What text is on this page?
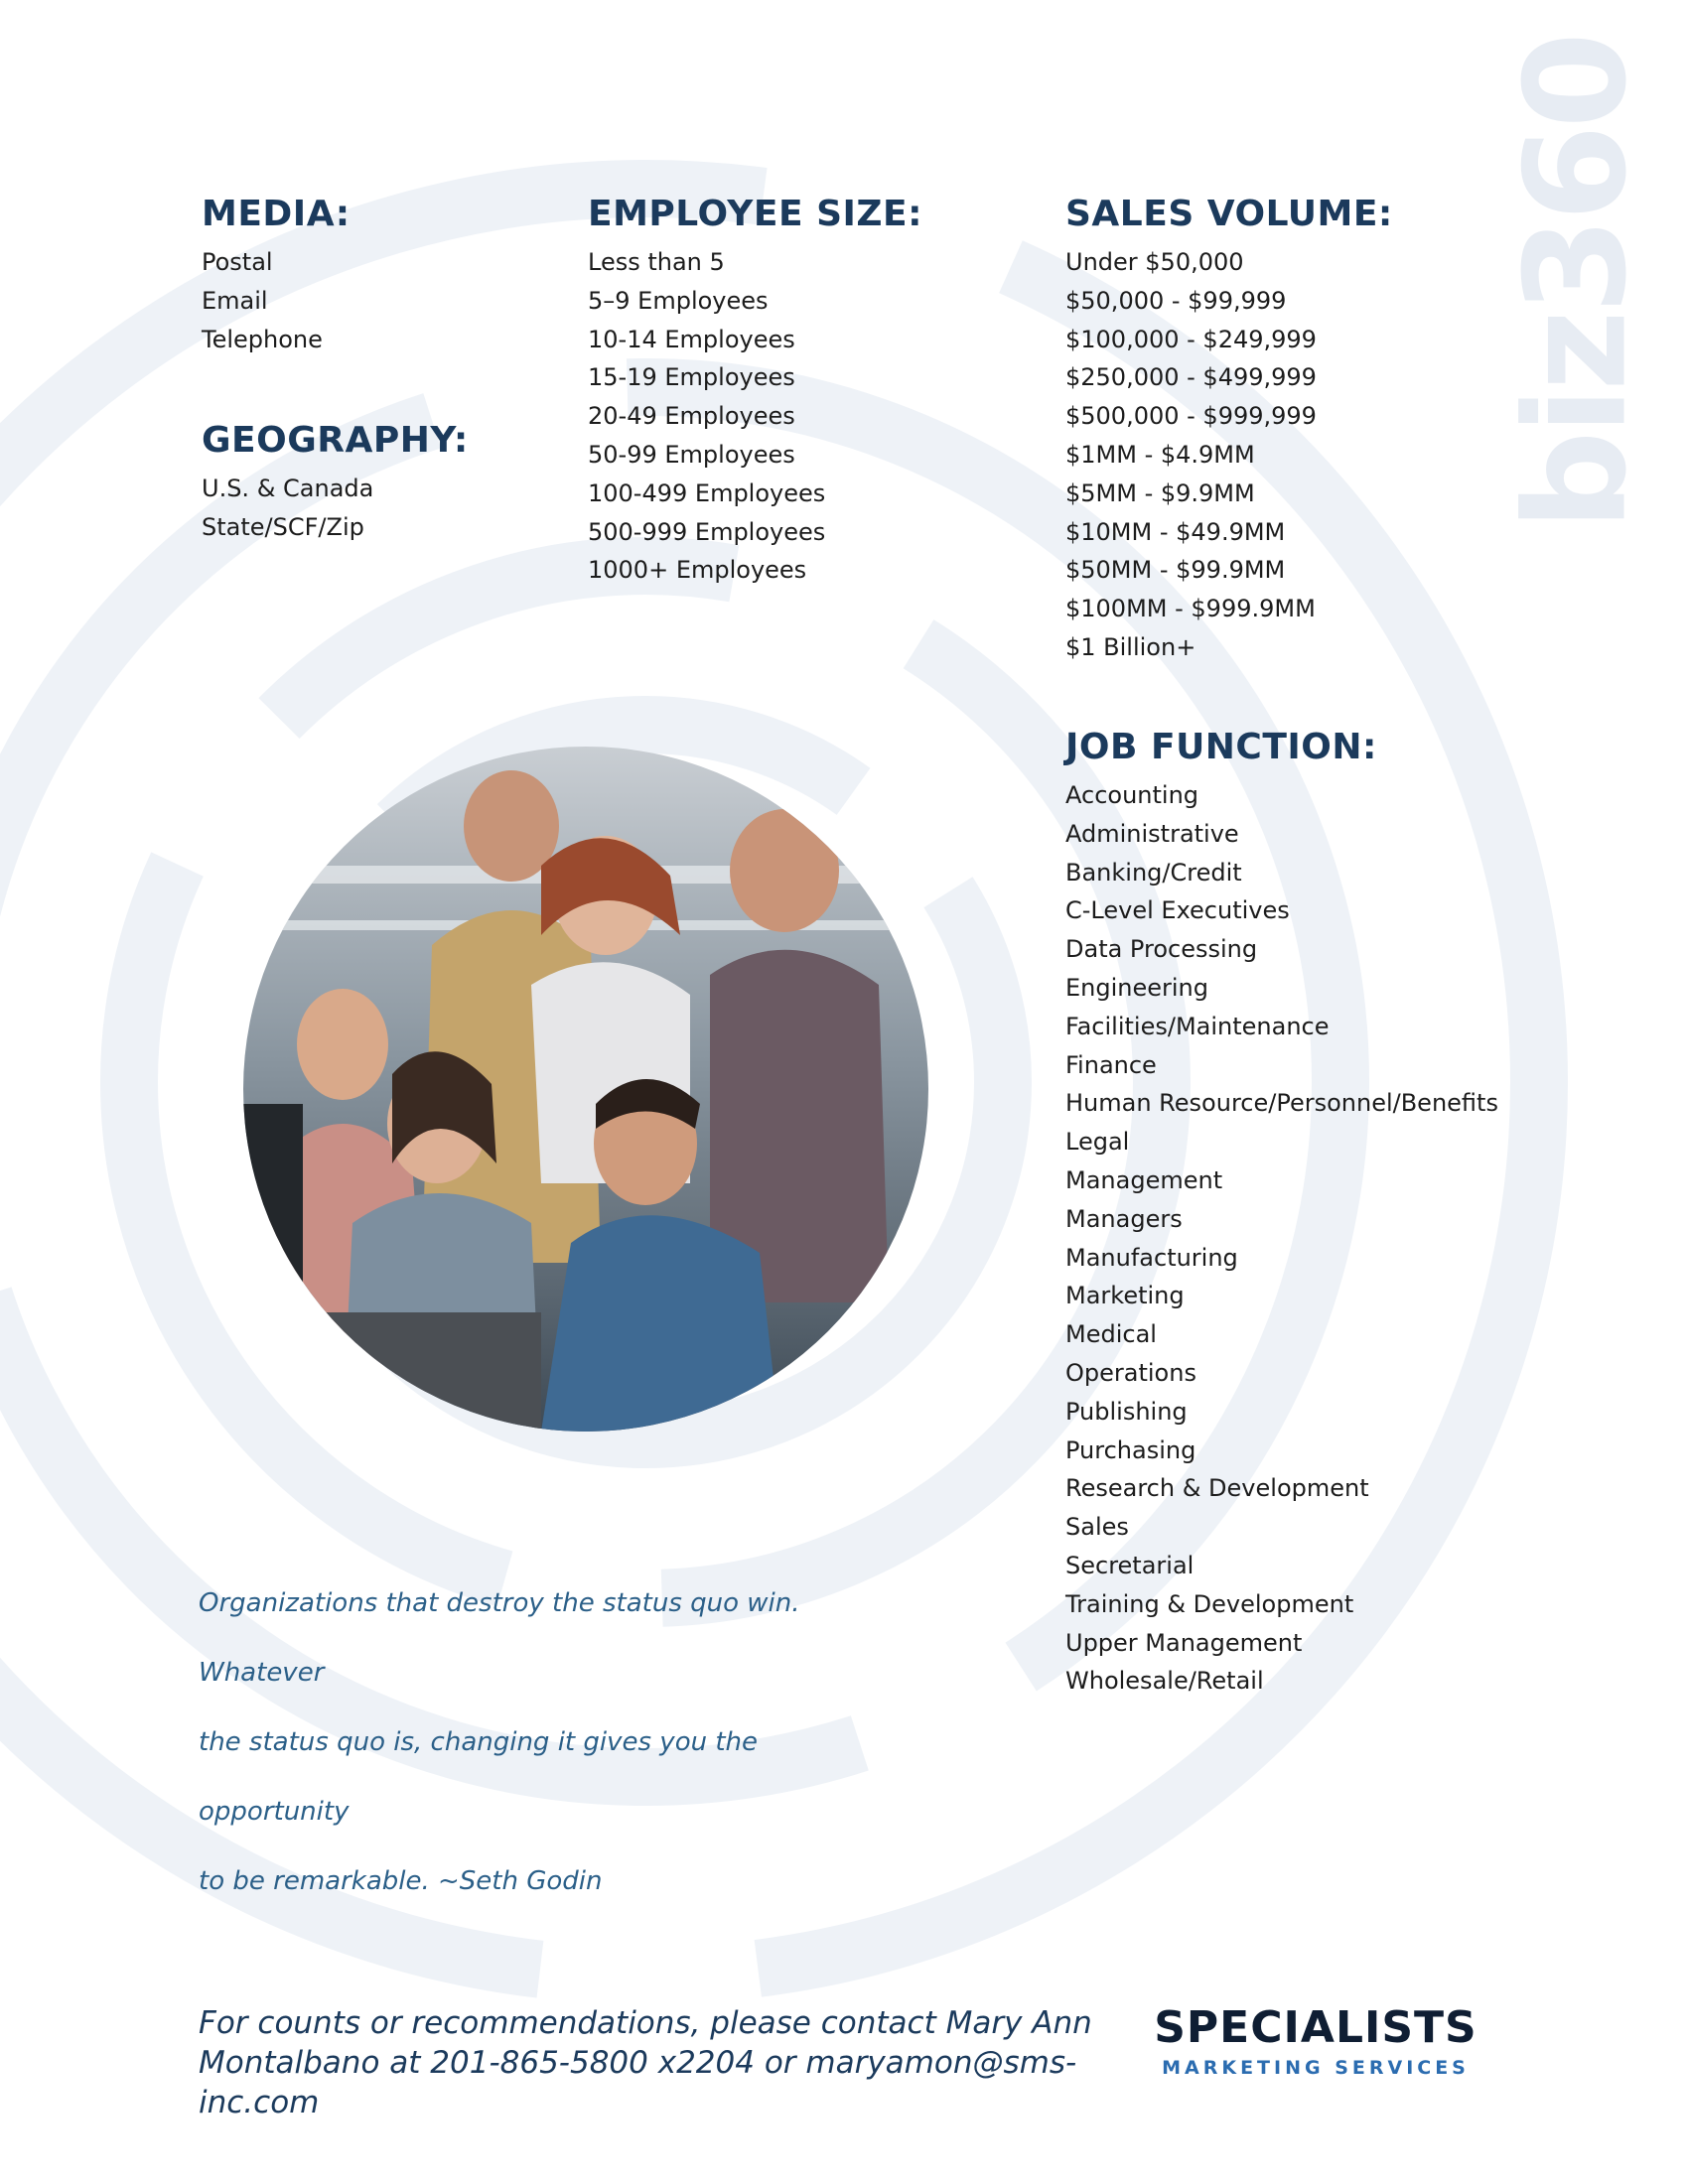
biz360
MEDIA:
Postal
Email
Telephone
GEOGRAPHY:
U.S. & Canada
State/SCF/Zip
EMPLOYEE SIZE:
Less than 5
5–9 Employees
10-14 Employees
15-19 Employees
20-49 Employees
50-99 Employees
100-499 Employees
500-999 Employees
1000+ Employees
SALES VOLUME:
Under $50,000
$50,000 - $99,999
$100,000 - $249,999
$250,000 - $499,999
$500,000 - $999,999
$1MM - $4.9MM
$5MM - $9.9MM
$10MM - $49.9MM
$50MM - $99.9MM
$100MM - $999.9MM
$1 Billion+
JOB FUNCTION:
Accounting
Administrative
Banking/Credit
C-Level Executives
Data Processing
Engineering
Facilities/Maintenance
Finance
Human Resource/Personnel/Benefits
Legal
Management
Managers
Manufacturing
Marketing
Medical
Operations
Publishing
Purchasing
Research & Development
Sales
Secretarial
Training & Development
Upper Management
Wholesale/Retail
Organizations that destroy the status quo win. Whatever
the status quo is, changing it gives you the opportunity
to be remarkable. ~Seth Godin
For counts or recommendations, please contact Mary Ann
Montalbano at 201-865-5800 x2204 or maryamon@sms-inc.com
SPECIALISTS
MARKETING SERVICES
